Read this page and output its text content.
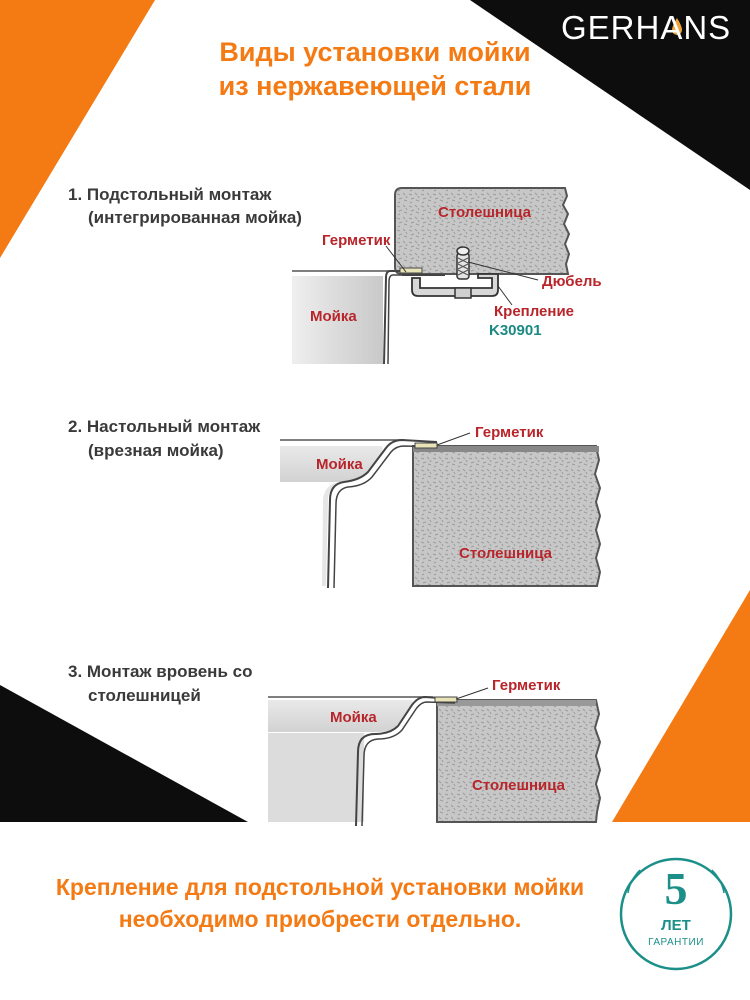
GERHANS
Виды установки мойки
из нержавеющей стали
1. Подстольный монтаж
(интегрированная мойка)	Столешница
Герметик
Дюбель
Мойка	Крепление
K30901
2. Настольный монтаж
(врезная мойка)
Герметик
Мойка
Столешница
3. Монтаж вровень со
столешницей
Герметик
Мойка
Столешница
Крепление для подстольной установки мойки
необходимо приобрести отдельно.
5
ЛЕТ
ГАРАНТИИ
